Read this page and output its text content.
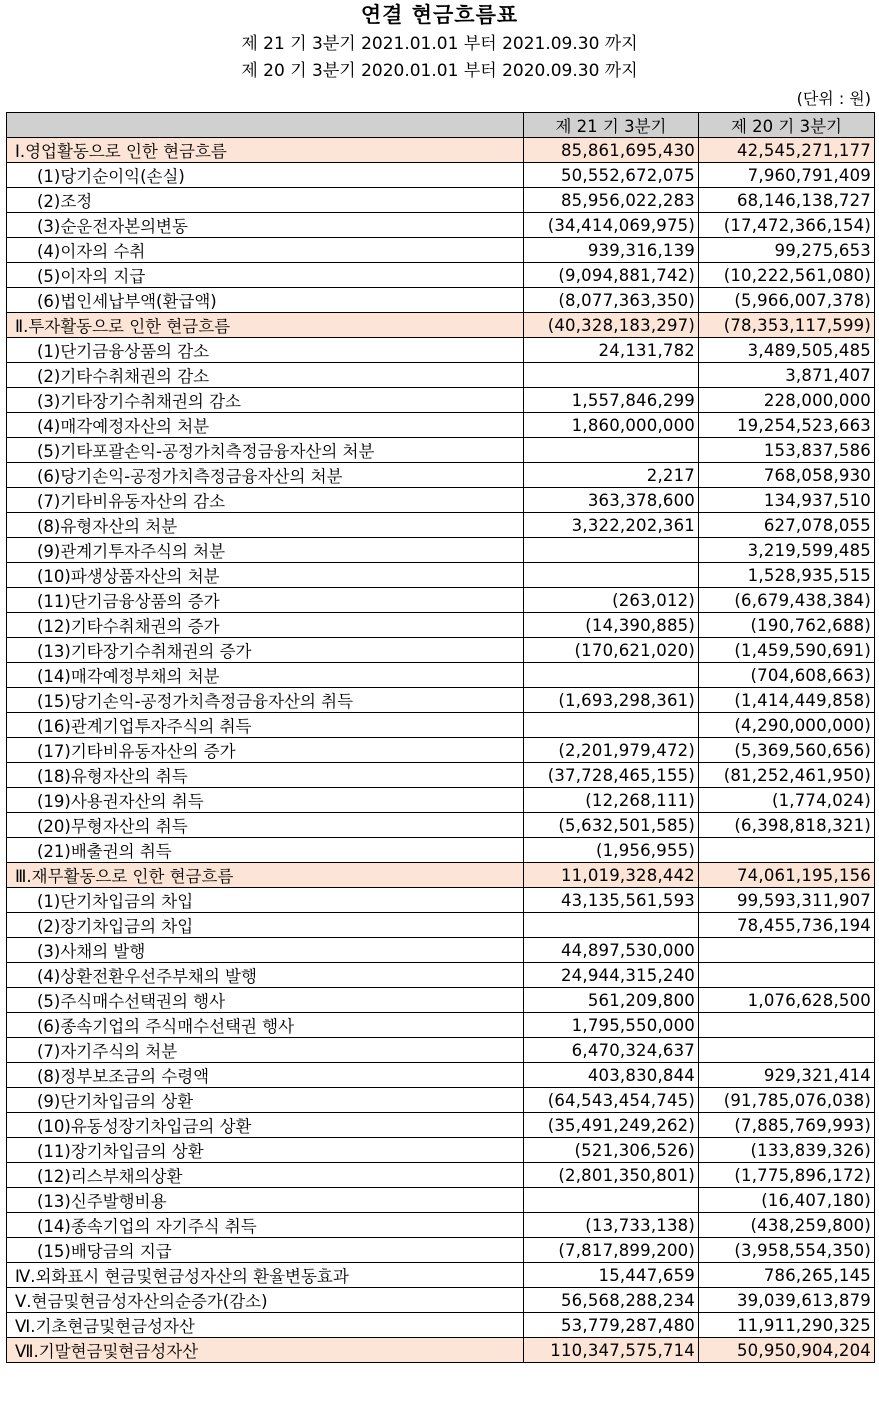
연결 현금흐름표
제 21 기 3분기 2021.01.01 부터 2021.09.30 까지
제 20 기 3분기 2020.01.01 부터 2020.09.30 까지
(단위 : 원)
	제 21 기 3분기	제 20 기 3분기
Ⅰ.영업활동으로 인한 현금흐름	85,861,695,430	42,545,271,177
(1)당기순이익(손실)	50,552,672,075	7,960,791,409
(2)조정	85,956,022,283	68,146,138,727
(3)순운전자본의변동	(34,414,069,975)	(17,472,366,154)
(4)이자의 수취	939,316,139	99,275,653
(5)이자의 지급	(9,094,881,742)	(10,222,561,080)
(6)법인세납부액(환급액)	(8,077,363,350)	(5,966,007,378)
Ⅱ.투자활동으로 인한 현금흐름	(40,328,183,297)	(78,353,117,599)
(1)단기금융상품의 감소	24,131,782	3,489,505,485
(2)기타수취채권의 감소		3,871,407
(3)기타장기수취채권의 감소	1,557,846,299	228,000,000
(4)매각예정자산의 처분	1,860,000,000	19,254,523,663
(5)기타포괄손익-공정가치측정금융자산의 처분		153,837,586
(6)당기손익-공정가치측정금융자산의 처분	2,217	768,058,930
(7)기타비유동자산의 감소	363,378,600	134,937,510
(8)유형자산의 처분	3,322,202,361	627,078,055
(9)관계기투자주식의 처분		3,219,599,485
(10)파생상품자산의 처분		1,528,935,515
(11)단기금융상품의 증가	(263,012)	(6,679,438,384)
(12)기타수취채권의 증가	(14,390,885)	(190,762,688)
(13)기타장기수취채권의 증가	(170,621,020)	(1,459,590,691)
(14)매각예정부채의 처분		(704,608,663)
(15)당기손익-공정가치측정금융자산의 취득	(1,693,298,361)	(1,414,449,858)
(16)관계기업투자주식의 취득		(4,290,000,000)
(17)기타비유동자산의 증가	(2,201,979,472)	(5,369,560,656)
(18)유형자산의 취득	(37,728,465,155)	(81,252,461,950)
(19)사용권자산의 취득	(12,268,111)	(1,774,024)
(20)무형자산의 취득	(5,632,501,585)	(6,398,818,321)
(21)배출권의 취득	(1,956,955)	
Ⅲ.재무활동으로 인한 현금흐름	11,019,328,442	74,061,195,156
(1)단기차입금의 차입	43,135,561,593	99,593,311,907
(2)장기차입금의 차입		78,455,736,194
(3)사채의 발행	44,897,530,000	
(4)상환전환우선주부채의 발행	24,944,315,240	
(5)주식매수선택권의 행사	561,209,800	1,076,628,500
(6)종속기업의 주식매수선택권 행사	1,795,550,000	
(7)자기주식의 처분	6,470,324,637	
(8)정부보조금의 수령액	403,830,844	929,321,414
(9)단기차입금의 상환	(64,543,454,745)	(91,785,076,038)
(10)유동성장기차입금의 상환	(35,491,249,262)	(7,885,769,993)
(11)장기차입금의 상환	(521,306,526)	(133,839,326)
(12)리스부채의상환	(2,801,350,801)	(1,775,896,172)
(13)신주발행비용		(16,407,180)
(14)종속기업의 자기주식 취득	(13,733,138)	(438,259,800)
(15)배당금의 지급	(7,817,899,200)	(3,958,554,350)
Ⅳ.외화표시 현금및현금성자산의 환율변동효과	15,447,659	786,265,145
Ⅴ.현금및현금성자산의순증가(감소)	56,568,288,234	39,039,613,879
Ⅵ.기초현금및현금성자산	53,779,287,480	11,911,290,325
Ⅶ.기말현금및현금성자산	110,347,575,714	50,950,904,204
